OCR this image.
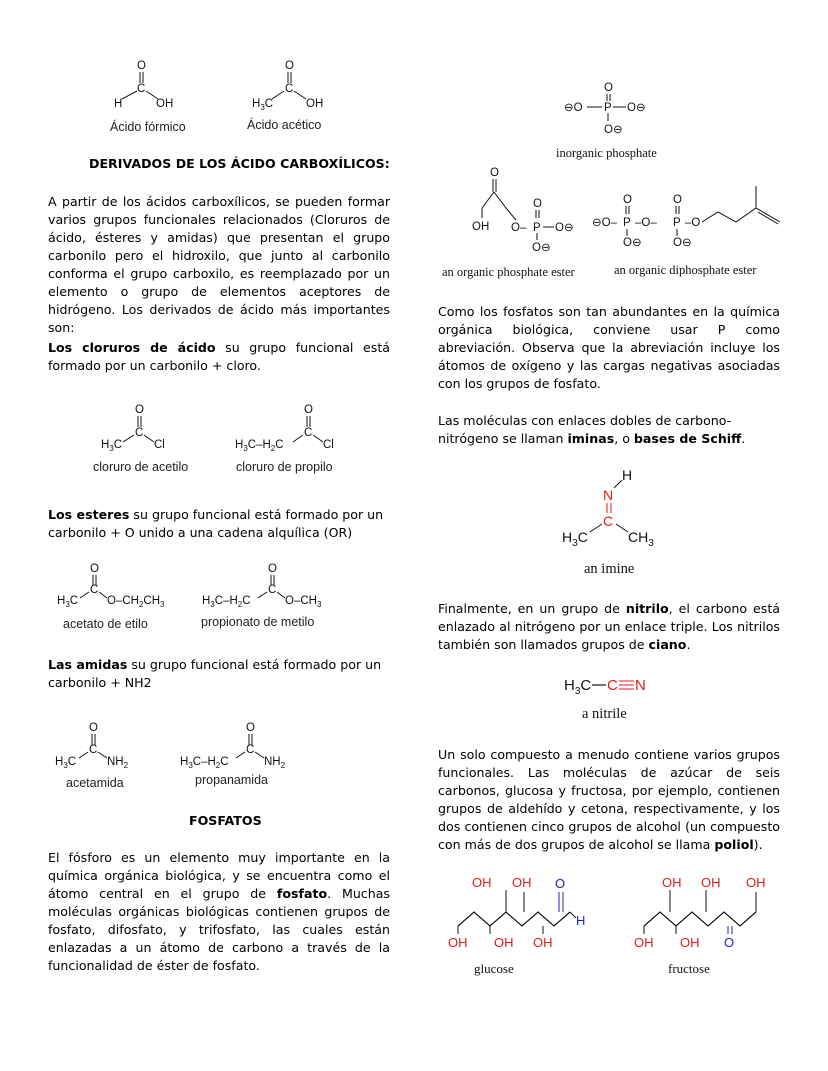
O
C
H	OH
O
C
$H_3C$	OH
Ácido fórmico	Ácido acético
DERIVADOS DE LOS ÁCIDO CARBOXÍLICOS:
A partir de los ácidos carboxílicos, se pueden formar varios grupos funcionales relacionados (Cloruros de ácido, ésteres y amidas) que presentan el grupo carbonilo pero el hidroxilo, que junto al carbonilo conforma el grupo carboxilo, es reemplazado por un elemento o grupo de elementos aceptores de hidrógeno. Los derivados de ácido más importantes son:
Los cloruros de ácido su grupo funcional está formado por un carbonilo + cloro.
O
C
$H_3C$	Cl
O
C
$H_3C-H_2C$	Cl
cloruro de acetilo	cloruro de propilo
Los esteres su grupo funcional está formado por un carbonilo + O unido a una cadena alquílica (OR)
O
C
$H_3C$	$O-CH_2CH_3$
O
C
$H_3C-H_2C$	$O-CH_3$
acetato de etilo	propionato de metilo
Las amidas su grupo funcional está formado por un carbonilo + NH2
O
C
$H_3C$	$NH_2$
O
C
$H_3C-H_2C$	$NH_2$
acetamida	propanamida
FOSFATOS
El fósforo es un elemento muy importante en la química orgánica biológica, y se encuentra como el átomo central en el grupo de fosfato. Muchas moléculas orgánicas biológicas contienen grupos de fosfato, difosfato, y trifosfato, las cuales están enlazadas a un átomo de carbono a través de la funcionalidad de éster de fosfato.
O
⊖O P O⊖
O⊖
inorganic phosphate
O
OH O–
O
P O⊖
O⊖
O	O
⊖O– P –O– P –O
O⊖	O⊖
an organic phosphate ester	an organic diphosphate ester
Como los fosfatos son tan abundantes en la química orgánica biológica, conviene usar P como abreviación. Observa que la abreviación incluye los átomos de oxígeno y las cargas negativas asociadas con los grupos de fosfato.
Las moléculas con enlaces dobles de carbono-nitrógeno se llaman iminas, o bases de Schiff.
H
N
C
$H_3C$	$CH_3$
an imine
Finalmente, en un grupo de nitrilo, el carbono está enlazado al nitrógeno por un enlace triple. Los nitrilos también son llamados grupos de ciano.
$H_3C$ C N
a nitrile
Un solo compuesto a menudo contiene varios grupos funcionales. Las moléculas de azúcar de seis carbonos, glucosa y fructosa, por ejemplo, contienen grupos de aldehído y cetona, respectivamente, y los dos contienen cinco grupos de alcohol (un compuesto con más de dos grupos de alcohol se llama poliol).
OH OH
OH OH
OH
O
H
glucose
OH OH
OH OH
O
OH
fructose
